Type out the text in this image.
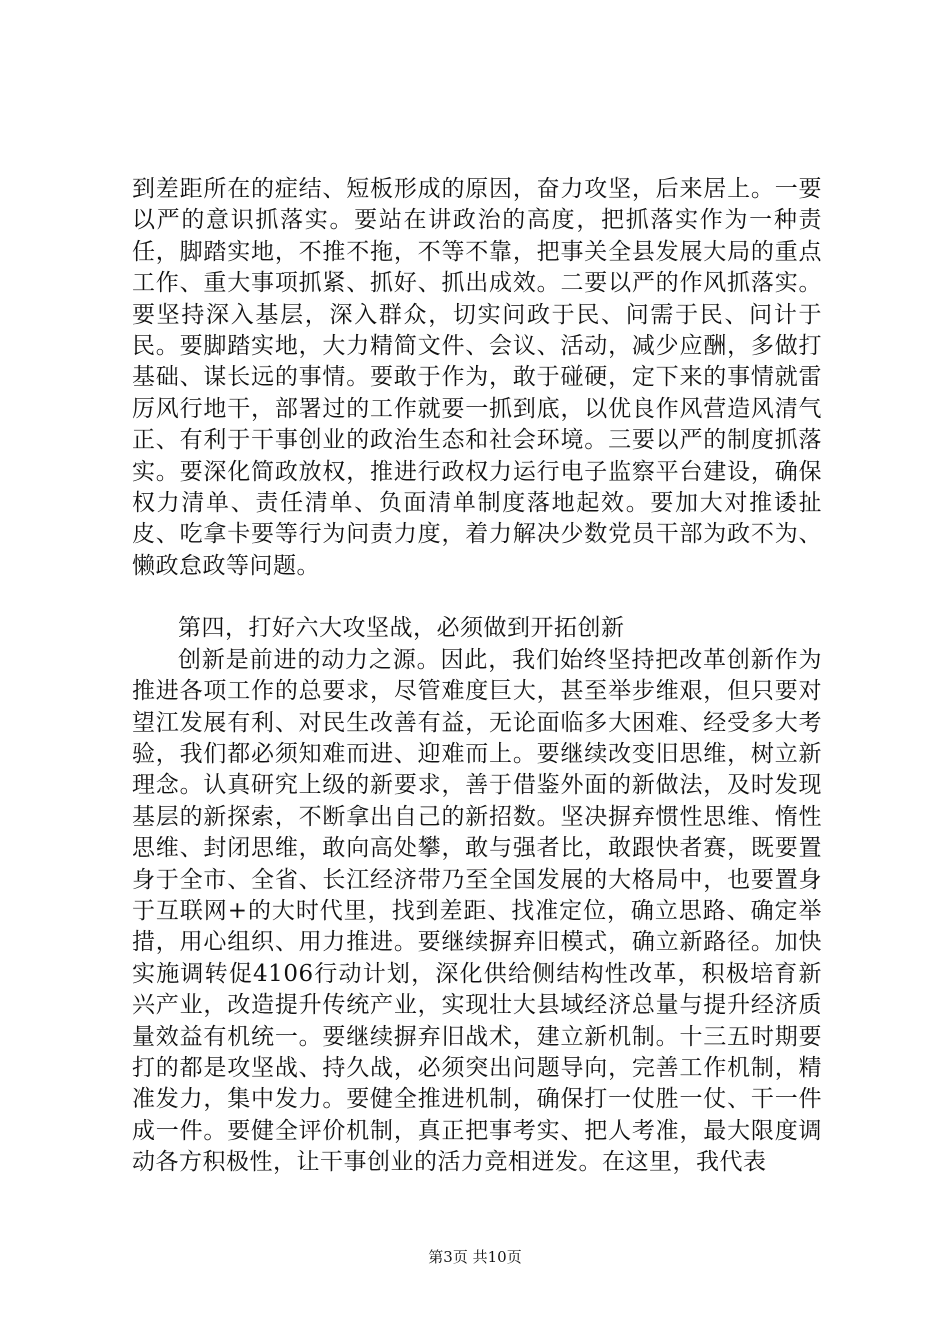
到差距所在的症结、短板形成的原因，奋力攻坚，后来居上。一要以严的意识抓落实。要站在讲政治的高度，把抓落实作为一种责任，脚踏实地，不推不拖，不等不靠，把事关全县发展大局的重点工作、重大事项抓紧、抓好、抓出成效。二要以严的作风抓落实。要坚持深入基层，深入群众，切实问政于民、问需于民、问计于民。要脚踏实地，大力精简文件、会议、活动，减少应酬，多做打基础、谋长远的事情。要敢于作为，敢于碰硬，定下来的事情就雷厉风行地干，部署过的工作就要一抓到底，以优良作风营造风清气正、有利于干事创业的政治生态和社会环境。三要以严的制度抓落实。要深化简政放权，推进行政权力运行电子监察平台建设，确保权力清单、责任清单、负面清单制度落地起效。要加大对推诿扯皮、吃拿卡要等行为问责力度，着力解决少数党员干部为政不为、懒政怠政等问题。

第四，打好六大攻坚战，必须做到开拓创新

创新是前进的动力之源。因此，我们始终坚持把改革创新作为推进各项工作的总要求，尽管难度巨大，甚至举步维艰，但只要对望江发展有利、对民生改善有益，无论面临多大困难、经受多大考验，我们都必须知难而进、迎难而上。要继续改变旧思维，树立新理念。认真研究上级的新要求，善于借鉴外面的新做法，及时发现基层的新探索，不断拿出自己的新招数。坚决摒弃惯性思维、惰性思维、封闭思维，敢向高处攀，敢与强者比，敢跟快者赛，既要置身于全市、全省、长江经济带乃至全国发展的大格局中，也要置身于互联网+的大时代里，找到差距、找准定位，确立思路、确定举措，用心组织、用力推进。要继续摒弃旧模式，确立新路径。加快实施调转促4106行动计划，深化供给侧结构性改革，积极培育新兴产业，改造提升传统产业，实现壮大县域经济总量与提升经济质量效益有机统一。要继续摒弃旧战术，建立新机制。十三五时期要打的都是攻坚战、持久战，必须突出问题导向，完善工作机制，精准发力，集中发力。要健全推进机制，确保打一仗胜一仗、干一件成一件。要健全评价机制，真正把事考实、把人考准，最大限度调动各方积极性，让干事创业的活力竞相迸发。在这里，我代表

第3页 共10页
